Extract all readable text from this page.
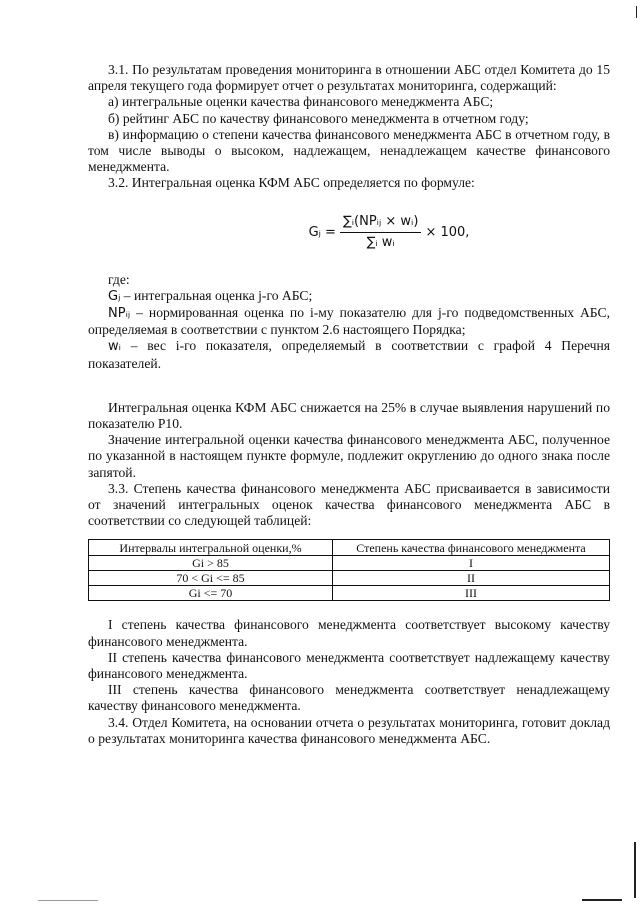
3.1. По результатам проведения мониторинга в отношении АБС отдел Комитета до 15 апреля текущего года формирует отчет о результатах мониторинга, содержащий:

а) интегральные оценки качества финансового менеджмента АБС;

б) рейтинг АБС по качеству финансового менеджмента в отчетном году;

в) информацию о степени качества финансового менеджмента АБС в отчетном году, в том числе выводы о высоком, надлежащем, ненадлежащем качестве финансового менеджмента.

3.2. Интегральная оценка КФМ АБС определяется по формуле:

Gⱼ = $\frac{\text{∑ᵢ(NPᵢⱼ × wᵢ)}}{\text{∑ᵢ wᵢ}} \times 100$,

где:

Gⱼ – интегральная оценка j-го АБС;

NPᵢⱼ – нормированная оценка по i-му показателю для j-го подведомственных АБС, определяемая в соответствии с пунктом 2.6 настоящего Порядка;

wᵢ – вес i-го показателя, определяемый в соответствии с графой 4 Перечня показателей.

Интегральная оценка КФМ АБС снижается на 25% в случае выявления нарушений по показателю Р10.

Значение интегральной оценки качества финансового менеджмента АБС, полученное по указанной в настоящем пункте формуле, подлежит округлению до одного знака после запятой.

3.3. Степень качества финансового менеджмента АБС присваивается в зависимости от значений интегральных оценок качества финансового менеджмента АБС в соответствии со следующей таблицей:

Интервалы интегральной оценки,%	Степень качества финансового менеджмента
Gi > 85	I
70 < Gi <= 85	II
Gi <= 70	III

I степень качества финансового менеджмента соответствует высокому качеству финансового менеджмента.

II степень качества финансового менеджмента соответствует надлежащему качеству финансового менеджмента.

III степень качества финансового менеджмента соответствует ненадлежащему качеству финансового менеджмента.

3.4. Отдел Комитета, на основании отчета о результатах мониторинга, готовит доклад о результатах мониторинга качества финансового менеджмента АБС.
